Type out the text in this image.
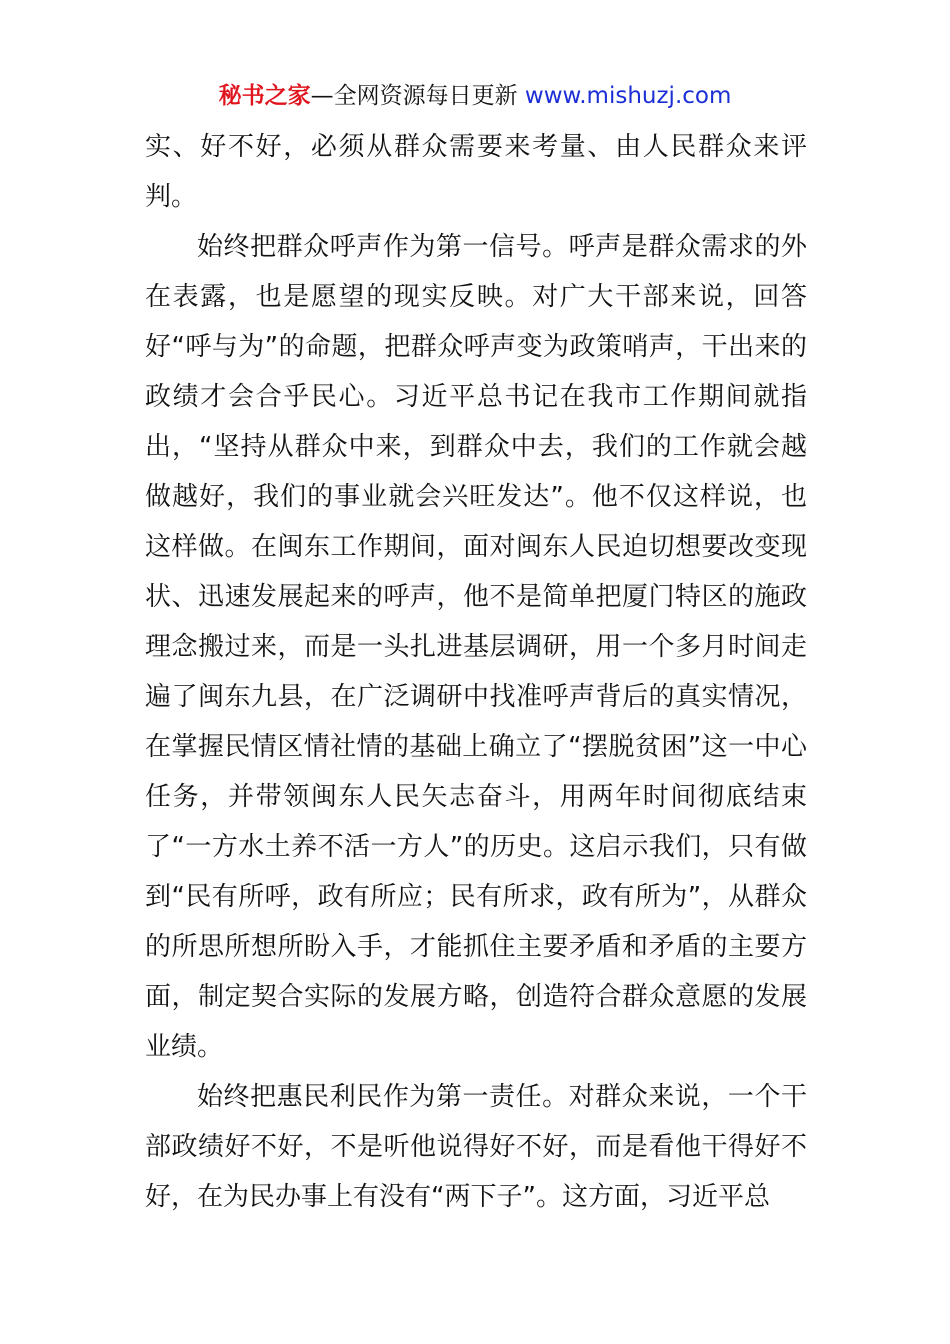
秘书之家—全网资源每日更新 www.mishuzj.com

实、好不好，必须从群众需要来考量、由人民群众来评判。

始终把群众呼声作为第一信号。呼声是群众需求的外在表露，也是愿望的现实反映。对广大干部来说，回答好“呼与为”的命题，把群众呼声变为政策哨声，干出来的政绩才会合乎民心。习近平总书记在我市工作期间就指出，“坚持从群众中来，到群众中去，我们的工作就会越做越好，我们的事业就会兴旺发达”。他不仅这样说，也这样做。在闽东工作期间，面对闽东人民迫切想要改变现状、迅速发展起来的呼声，他不是简单把厦门特区的施政理念搬过来，而是一头扎进基层调研，用一个多月时间走遍了闽东九县，在广泛调研中找准呼声背后的真实情况，在掌握民情区情社情的基础上确立了“摆脱贫困”这一中心任务，并带领闽东人民矢志奋斗，用两年时间彻底结束了“一方水土养不活一方人”的历史。这启示我们，只有做到“民有所呼，政有所应；民有所求，政有所为”，从群众的所思所想所盼入手，才能抓住主要矛盾和矛盾的主要方面，制定契合实际的发展方略，创造符合群众意愿的发展业绩。

始终把惠民利民作为第一责任。对群众来说，一个干部政绩好不好，不是听他说得好不好，而是看他干得好不好，在为民办事上有没有“两下子”。这方面，习近平总
